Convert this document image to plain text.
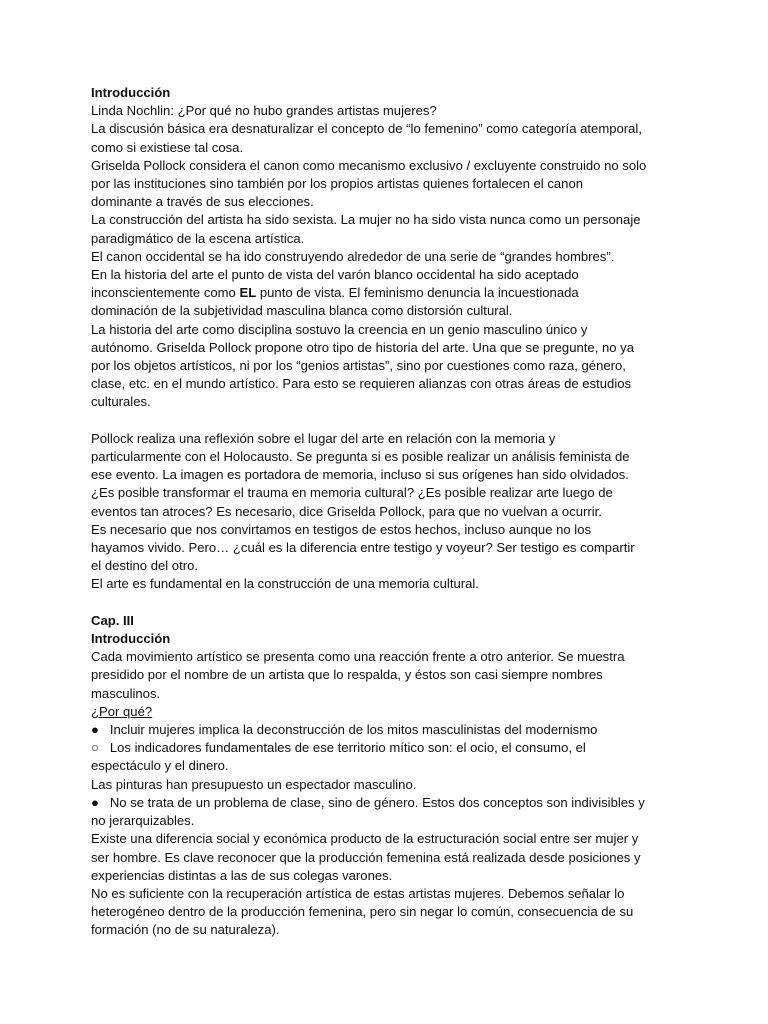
Introducción
Linda Nochlin: ¿Por qué no hubo grandes artistas mujeres?
La discusión básica era desnaturalizar el concepto de “lo femenino” como categoría atemporal,
como si existiese tal cosa.
Griselda Pollock considera el canon como mecanismo exclusivo / excluyente construido no solo
por las instituciones sino también por los propios artistas quienes fortalecen el canon
dominante a través de sus elecciones.
La construcción del artista ha sido sexista. La mujer no ha sido vista nunca como un personaje
paradigmático de la escena artística.
El canon occidental se ha ido construyendo alrededor de una serie de “grandes hombres”.
En la historia del arte el punto de vista del varón blanco occidental ha sido aceptado
inconscientemente como EL punto de vista. El feminismo denuncia la incuestionada
dominación de la subjetividad masculina blanca como distorsión cultural.
La historia del arte como disciplina sostuvo la creencia en un genio masculino único y
autónomo. Griselda Pollock propone otro tipo de historia del arte. Una que se pregunte, no ya
por los objetos artísticos, ni por los “genios artistas”, sino por cuestiones como raza, género,
clase, etc. en el mundo artístico. Para esto se requieren alianzas con otras áreas de estudios
culturales.
Pollock realiza una reflexión sobre el lugar del arte en relación con la memoria y
particularmente con el Holocausto. Se pregunta si es posible realizar un análisis feminista de
ese evento. La imagen es portadora de memoria, incluso si sus orígenes han sido olvidados.
¿Es posible transformar el trauma en memoria cultural? ¿Es posible realizar arte luego de
eventos tan atroces? Es necesario, dice Griselda Pollock, para que no vuelvan a ocurrir.
Es necesario que nos convirtamos en testigos de estos hechos, incluso aunque no los
hayamos vivido. Pero… ¿cuál es la diferencia entre testigo y voyeur? Ser testigo es compartir
el destino del otro.
El arte es fundamental en la construcción de una memoria cultural.
Cap. III
Introducción
Cada movimiento artístico se presenta como una reacción frente a otro anterior. Se muestra
presidido por el nombre de un artista que lo respalda, y éstos son casi siempre nombres
masculinos.
¿Por qué?
●   Incluir mujeres implica la deconstrucción de los mitos masculinistas del modernismo
○   Los indicadores fundamentales de ese territorio mítico son: el ocio, el consumo, el
espectáculo y el dinero.
Las pinturas han presupuesto un espectador masculino.
●   No se trata de un problema de clase, sino de género. Estos dos conceptos son indivisibles y
no jerarquizables.
Existe una diferencia social y económica producto de la estructuración social entre ser mujer y
ser hombre. Es clave reconocer que la producción femenina está realizada desde posiciones y
experiencias distintas a las de sus colegas varones.
No es suficiente con la recuperación artística de estas artistas mujeres. Debemos señalar lo
heterogéneo dentro de la producción femenina, pero sin negar lo común, consecuencia de su
formación (no de su naturaleza).
